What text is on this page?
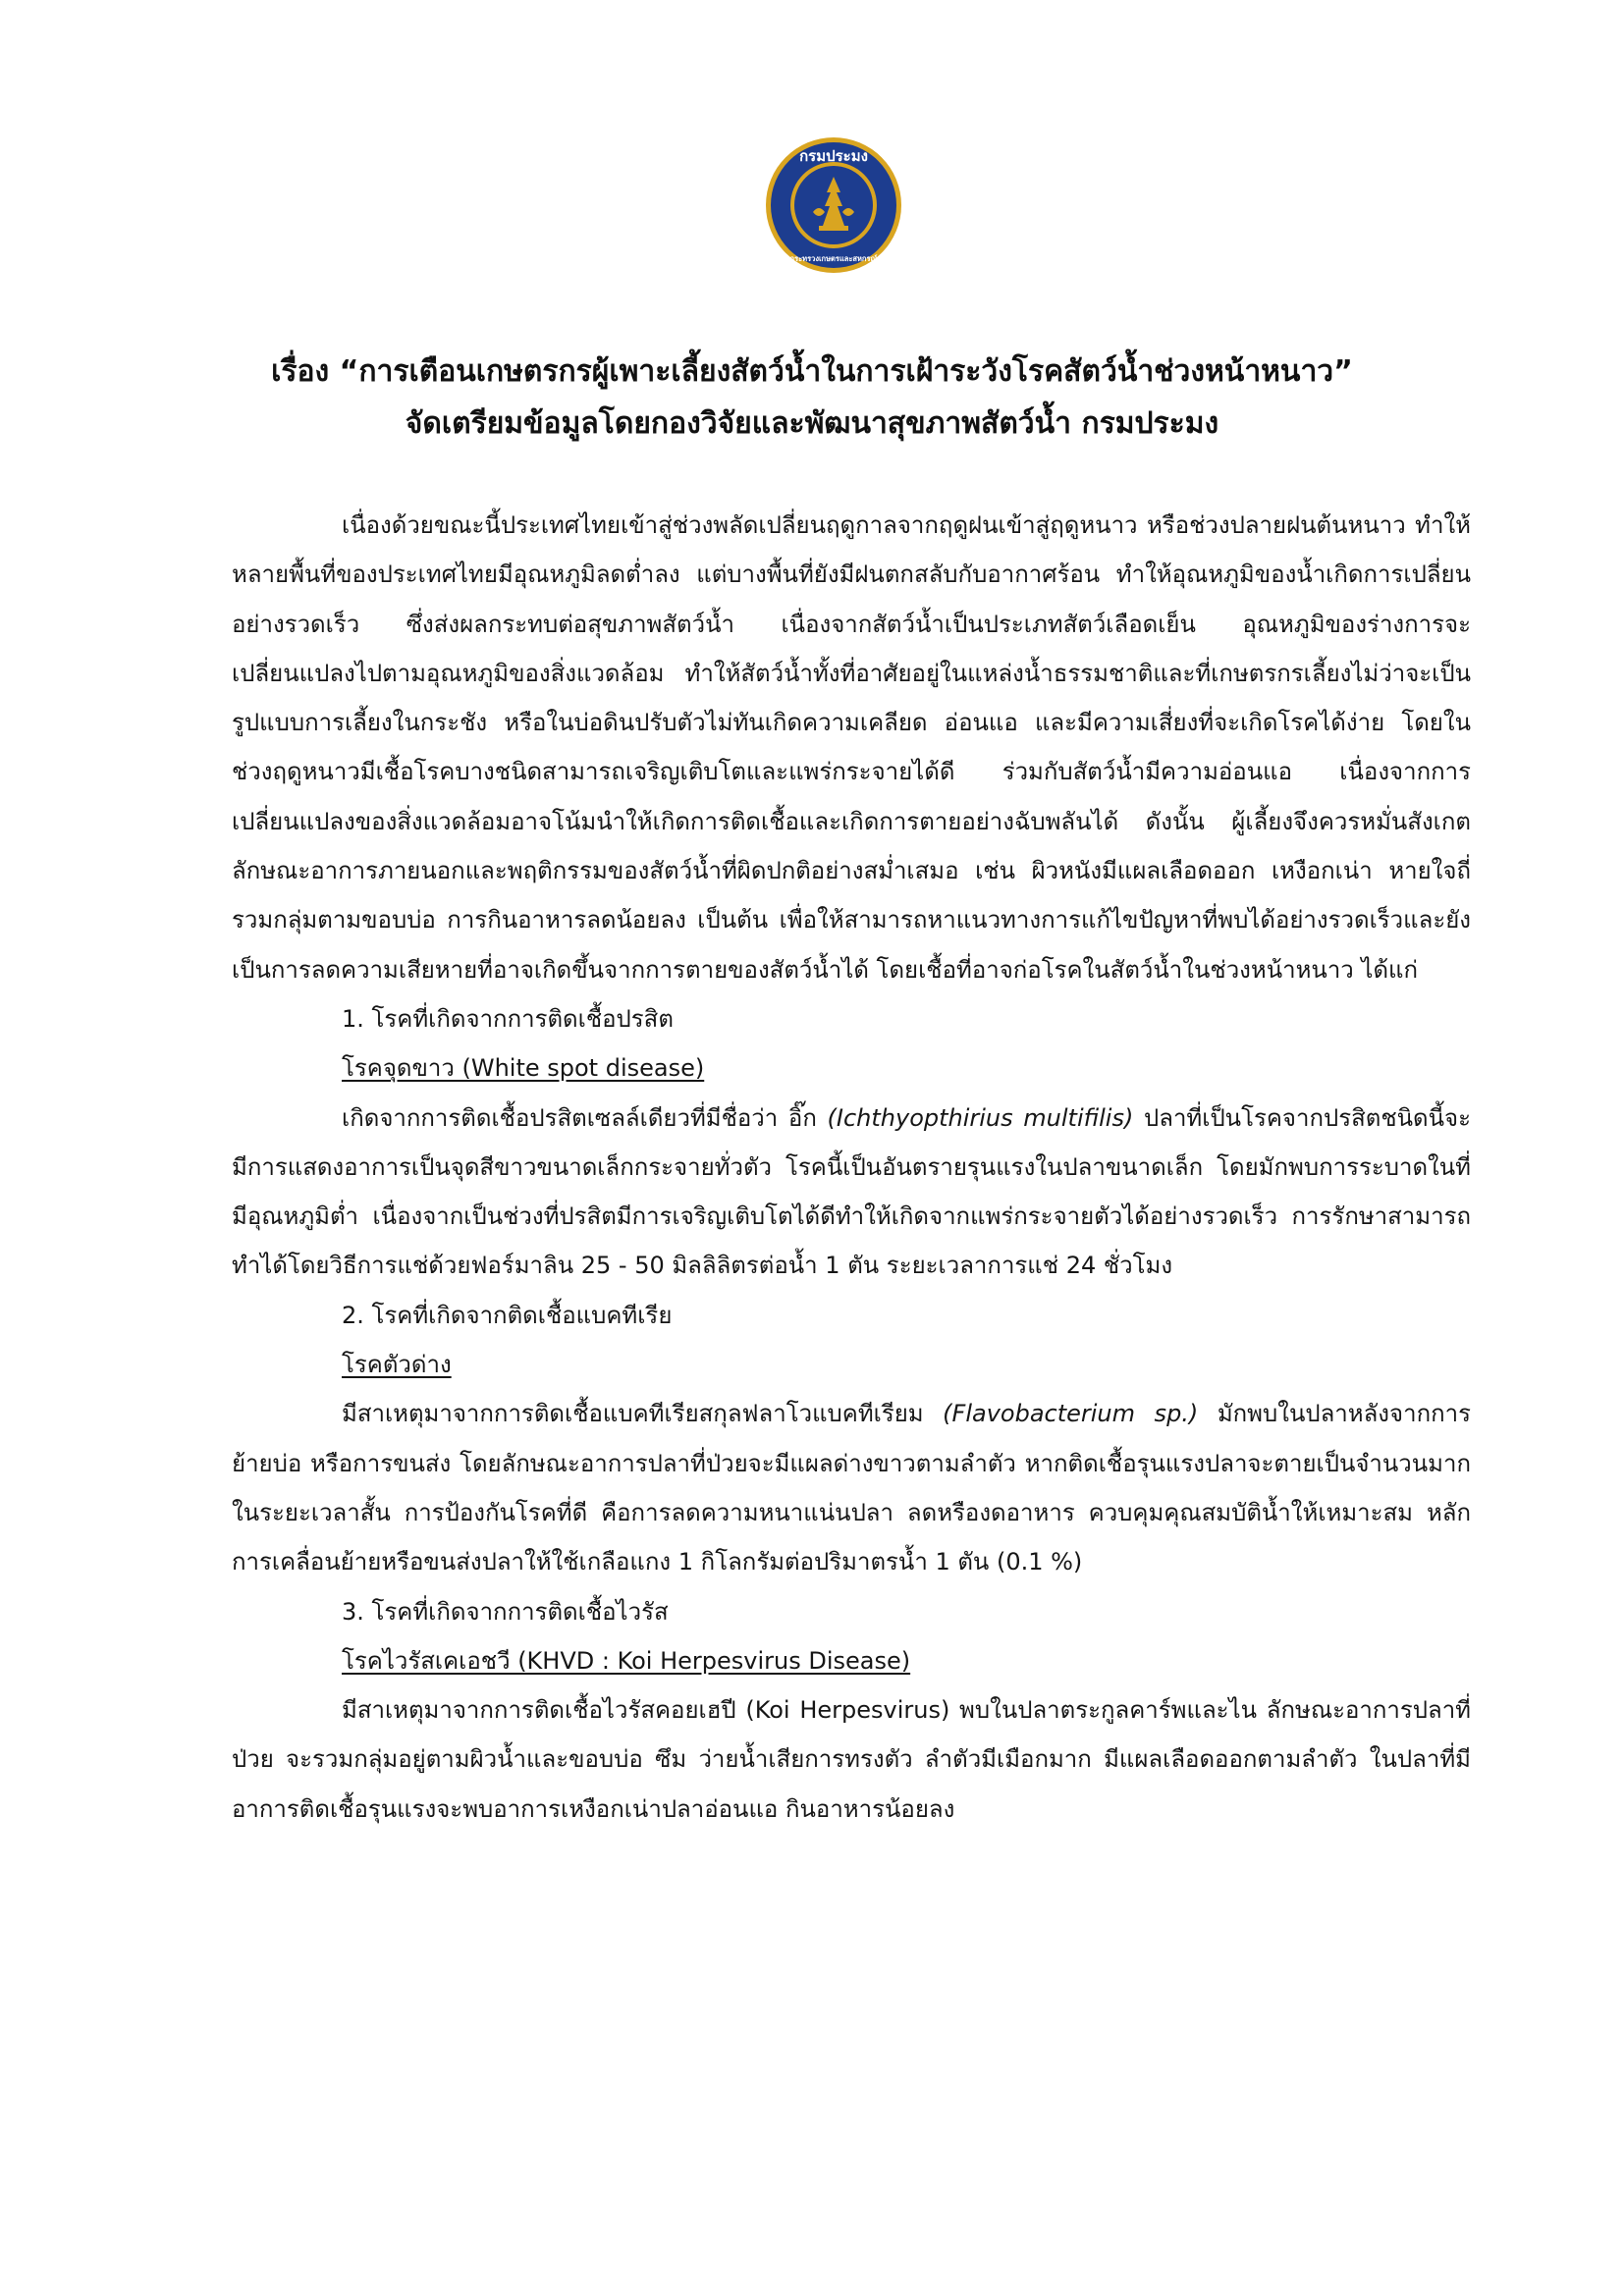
กรมประมง
กระทรวงเกษตรและสหกรณ์
เรื่อง “การเตือนเกษตรกรผู้เพาะเลี้ยงสัตว์น้ำในการเฝ้าระวังโรคสัตว์น้ำช่วงหน้าหนาว”
จัดเตรียมข้อมูลโดยกองวิจัยและพัฒนาสุขภาพสัตว์น้ำ กรมประมง

เนื่องด้วยขณะนี้ประเทศไทยเข้าสู่ช่วงพลัดเปลี่ยนฤดูกาลจากฤดูฝนเข้าสู่ฤดูหนาว หรือช่วงปลายฝนต้นหนาว ทำให้หลายพื้นที่ของประเทศไทยมีอุณหภูมิลดต่ำลง แต่บางพื้นที่ยังมีฝนตกสลับกับอากาศร้อน ทำให้อุณหภูมิของน้ำเกิดการเปลี่ยนอย่างรวดเร็ว ซึ่งส่งผลกระทบต่อสุขภาพสัตว์น้ำ เนื่องจากสัตว์น้ำเป็นประเภทสัตว์เลือดเย็น อุณหภูมิของร่างการจะเปลี่ยนแปลงไปตามอุณหภูมิของสิ่งแวดล้อม ทำให้สัตว์น้ำทั้งที่อาศัยอยู่ในแหล่งน้ำธรรมชาติและที่เกษตรกรเลี้ยงไม่ว่าจะเป็นรูปแบบการเลี้ยงในกระชัง หรือในบ่อดินปรับตัวไม่ทันเกิดความเคลียด อ่อนแอ และมีความเสี่ยงที่จะเกิดโรคได้ง่าย โดยในช่วงฤดูหนาวมีเชื้อโรคบางชนิดสามารถเจริญเติบโตและแพร่กระจายได้ดี ร่วมกับสัตว์น้ำมีความอ่อนแอ เนื่องจากการเปลี่ยนแปลงของสิ่งแวดล้อมอาจโน้มนำให้เกิดการติดเชื้อและเกิดการตายอย่างฉับพลันได้ ดังนั้น ผู้เลี้ยงจึงควรหมั่นสังเกตลักษณะอาการภายนอกและพฤติกรรมของสัตว์น้ำที่ผิดปกติอย่างสม่ำเสมอ เช่น ผิวหนังมีแผลเลือดออก เหงือกเน่า หายใจถี่รวมกลุ่มตามขอบบ่อ การกินอาหารลดน้อยลง เป็นต้น เพื่อให้สามารถหาแนวทางการแก้ไขปัญหาที่พบได้อย่างรวดเร็วและยังเป็นการลดความเสียหายที่อาจเกิดขึ้นจากการตายของสัตว์น้ำได้ โดยเชื้อที่อาจก่อโรคในสัตว์น้ำในช่วงหน้าหนาว ได้แก่

1. โรคที่เกิดจากการติดเชื้อปรสิต

โรคจุดขาว (White spot disease)

เกิดจากการติดเชื้อปรสิตเซลล์เดียวที่มีชื่อว่า อิ๊ก (Ichthyopthirius multifilis) ปลาที่เป็นโรคจากปรสิตชนิดนี้จะมีการแสดงอาการเป็นจุดสีขาวขนาดเล็กกระจายทั่วตัว โรคนี้เป็นอันตรายรุนแรงในปลาขนาดเล็ก โดยมักพบการระบาดในที่มีอุณหภูมิต่ำ เนื่องจากเป็นช่วงที่ปรสิตมีการเจริญเติบโตได้ดีทำให้เกิดจากแพร่กระจายตัวได้อย่างรวดเร็ว การรักษาสามารถทำได้โดยวิธีการแช่ด้วยฟอร์มาลิน 25 - 50 มิลลิลิตรต่อน้ำ 1 ตัน ระยะเวลาการแช่ 24 ชั่วโมง

2. โรคที่เกิดจากติดเชื้อแบคทีเรีย

โรคตัวด่าง

มีสาเหตุมาจากการติดเชื้อแบคทีเรียสกุลฟลาโวแบคทีเรียม (Flavobacterium sp.) มักพบในปลาหลังจากการย้ายบ่อ หรือการขนส่ง โดยลักษณะอาการปลาที่ป่วยจะมีแผลด่างขาวตามลำตัว หากติดเชื้อรุนแรงปลาจะตายเป็นจำนวนมากในระยะเวลาสั้น การป้องกันโรคที่ดี คือการลดความหนาแน่นปลา ลดหรืองดอาหาร ควบคุมคุณสมบัติน้ำให้เหมาะสม หลักการเคลื่อนย้ายหรือขนส่งปลาให้ใช้เกลือแกง 1 กิโลกรัมต่อปริมาตรน้ำ 1 ตัน (0.1 %)

3. โรคที่เกิดจากการติดเชื้อไวรัส

โรคไวรัสเคเอชวี (KHVD : Koi Herpesvirus Disease)

มีสาเหตุมาจากการติดเชื้อไวรัสคอยเฮปี (Koi Herpesvirus) พบในปลาตระกูลคาร์พและไน ลักษณะอาการปลาที่ป่วย จะรวมกลุ่มอยู่ตามผิวน้ำและขอบบ่อ ซึม ว่ายน้ำเสียการทรงตัว ลำตัวมีเมือกมาก มีแผลเลือดออกตามลำตัว ในปลาที่มีอาการติดเชื้อรุนแรงจะพบอาการเหงือกเน่าปลาอ่อนแอ กินอาหารน้อยลง
